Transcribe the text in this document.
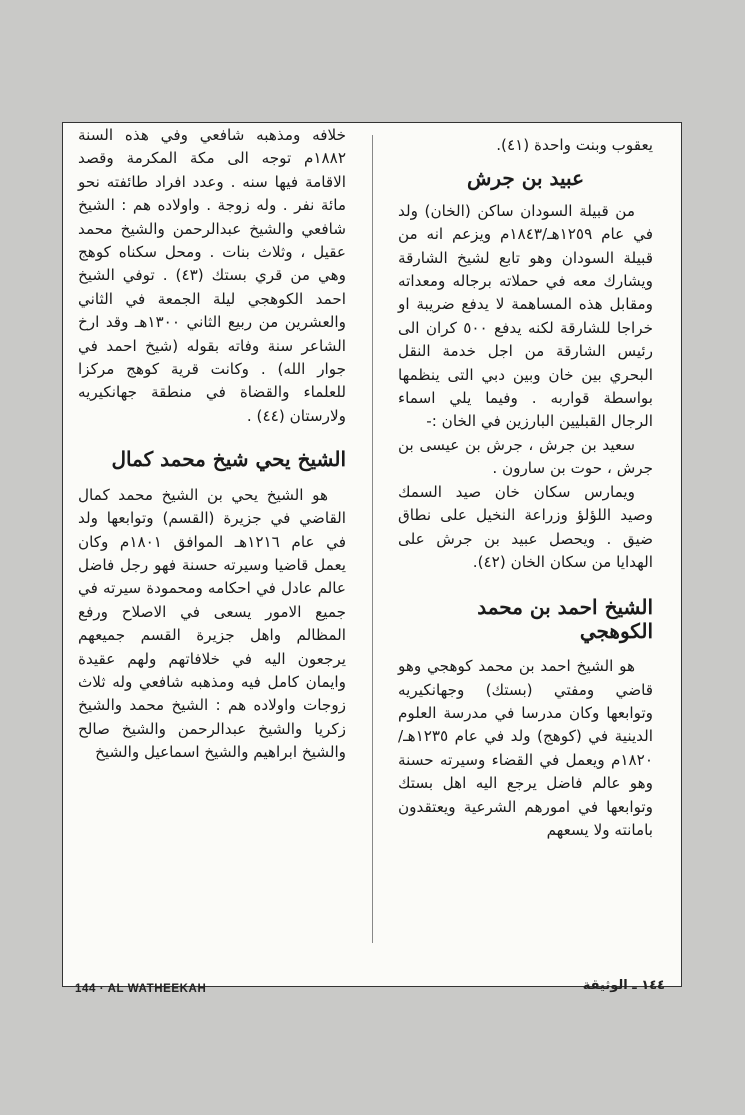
يعقوب وبنت واحدة (٤١).

عبيد بن جرش

من قبيلة السودان ساكن (الخان) ولد في عام ١٢٥٩هـ/١٨٤٣م ويزعم انه من قبيلة السودان وهو تابع لشيخ الشارقة ويشارك معه في حملاته برجاله ومعداته ومقابل هذه المساهمة لا يدفع ضريبة او خراجا للشارقة لكنه يدفع ٥٠٠ كران الى رئيس الشارقة من اجل خدمة النقل البحري بين خان وبين دبي التى ينظمها بواسطة قواربه . وفيما يلي اسماء الرجال القبليين البارزين في الخان :-

سعيد بن جرش ، جرش بن عيسى بن جرش ، حوت بن سارون .

ويمارس سكان خان صيد السمك وصيد اللؤلؤ وزراعة النخيل على نطاق ضيق . ويحصل عبيد بن جرش على الهدايا من سكان الخان (٤٢).

الشيخ احمد بن محمد الكوهجي

هو الشيخ احمد بن محمد كوهجي وهو قاضي ومفتي (بستك) وجهانكيريه وتوابعها وكان مدرسا في مدرسة العلوم الدينية في (كوهج) ولد في عام ١٢٣٥هـ/١٨٢٠م ويعمل في القضاء وسيرته حسنة وهو عالم فاضل يرجع اليه اهل بستك وتوابعها في امورهم الشرعية ويعتقدون بامانته ولا يسعهم

خلافه ومذهبه شافعي وفي هذه السنة ١٨٨٢م توجه الى مكة المكرمة وقصد الاقامة فيها سنه . وعدد افراد طائفته نحو مائة نفر . وله زوجة . واولاده هم : الشيخ شافعي والشيخ عبدالرحمن والشيخ محمد عقيل ، وثلاث بنات . ومحل سكناه كوهج وهي من قري بستك (٤٣) . توفي الشيخ احمد الكوهجي ليلة الجمعة في الثاني والعشرين من ربيع الثاني ١٣٠٠هـ وقد ارخ الشاعر سنة وفاته بقوله (شيخ احمد في جوار الله) . وكانت قرية كوهج مركزا للعلماء والقضاة في منطقة جهانكيريه ولارستان (٤٤) .

الشيخ يحي شيخ محمد كمال

هو الشيخ يحي بن الشيخ محمد كمال القاضي في جزيرة (القسم) وتوابعها ولد في عام ١٢١٦هـ الموافق ١٨٠١م وكان يعمل قاضيا وسيرته حسنة فهو رجل فاضل عالم عادل في احكامه ومحمودة سيرته في جميع الامور يسعى في الاصلاح ورفع المظالم واهل جزيرة القسم جميعهم يرجعون اليه في خلافاتهم ولهم عقيدة وايمان كامل فيه ومذهبه شافعي وله ثلاث زوجات واولاده هم : الشيخ محمد والشيخ زكريا والشيخ عبدالرحمن والشيخ صالح والشيخ ابراهيم والشيخ اسماعيل والشيخ

144 · AL WATHEEKAH	١٤٤ ـ الوثيقة
